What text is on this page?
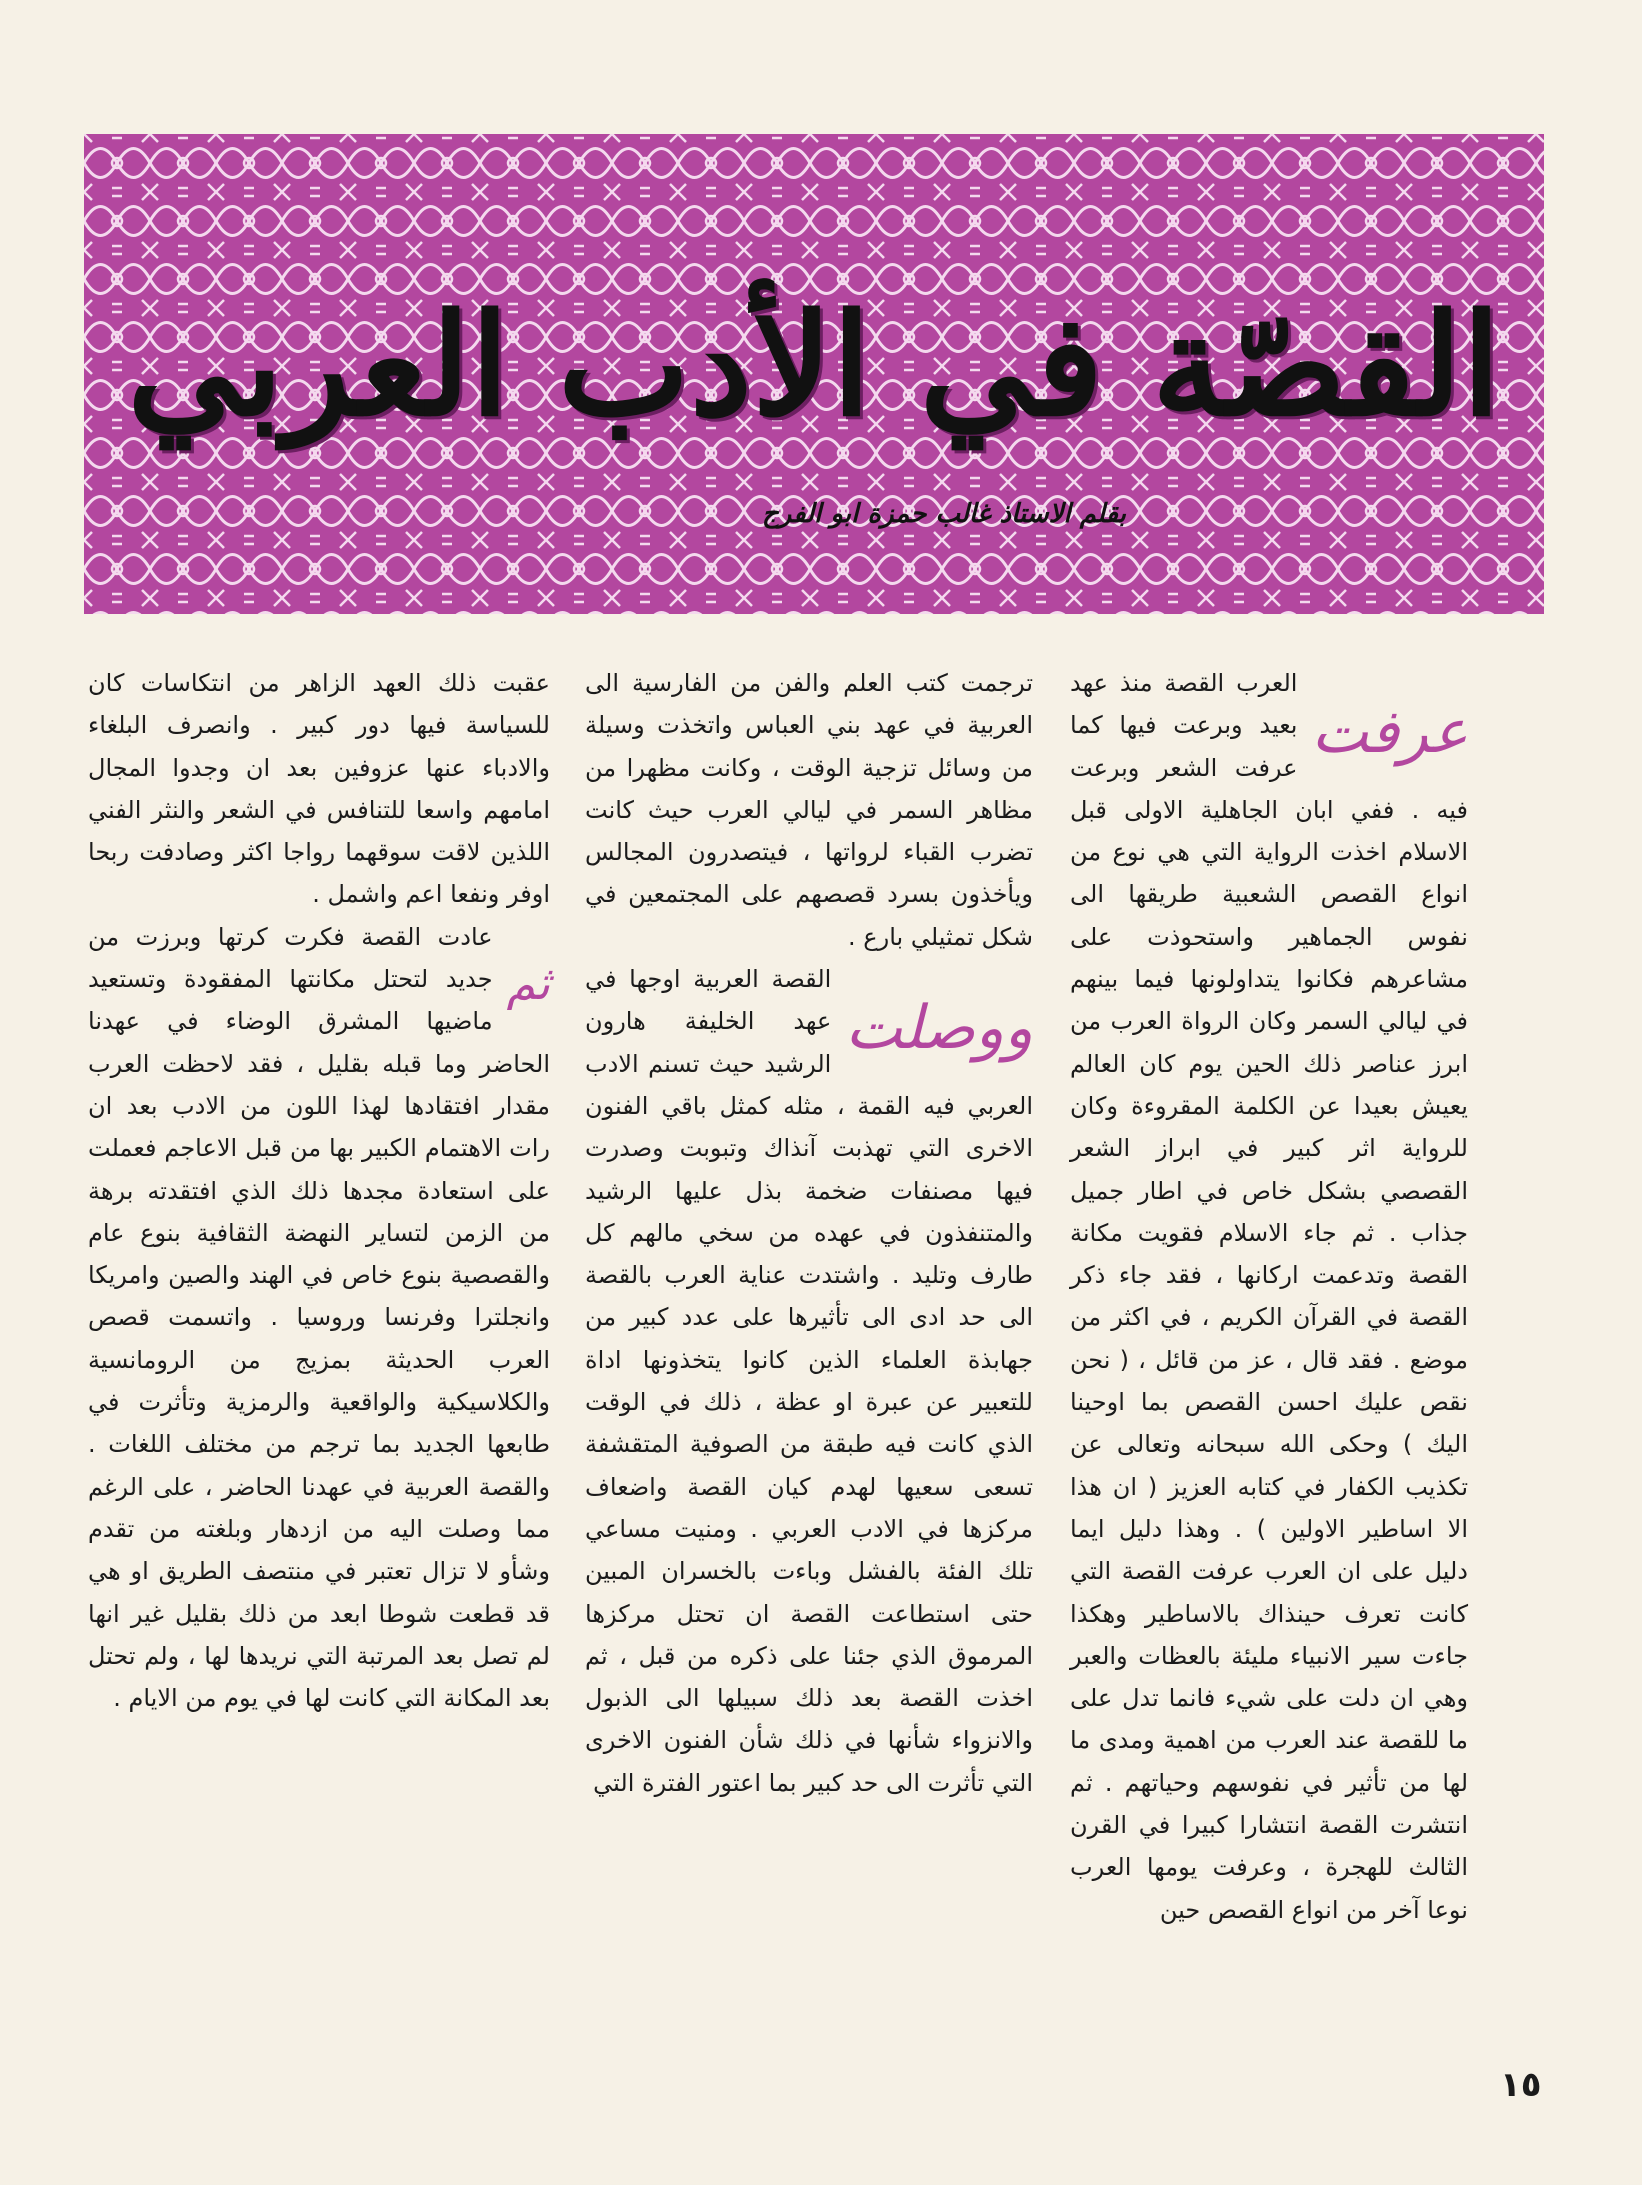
القصّة في الأدب العربي
بقلم الاستاذ غالب حمزة ابو الفرج
عرفت

العرب القصة منذ عهد بعيد وبرعت فيها كما عرفت الشعر وبرعت فيه . ففي ابان الجاهلية الاولى قبل الاسلام اخذت الرواية التي هي نوع من انواع القصص الشعبية طريقها الى نفوس الجماهير واستحوذت على مشاعرهم فكانوا يتداولونها فيما بينهم في ليالي السمر وكان الرواة العرب من ابرز عناصر ذلك الحين يوم كان العالم يعيش بعيدا عن الكلمة المقروءة وكان للرواية اثر كبير في ابراز الشعر القصصي بشكل خاص في اطار جميل جذاب . ثم جاء الاسلام فقويت مكانة القصة وتدعمت اركانها ، فقد جاء ذكر القصة في القرآن الكريم ، في اكثر من موضع . فقد قال ، عز من قائل ، ( نحن نقص عليك احسن القصص بما اوحينا اليك ) وحكى الله سبحانه وتعالى عن تكذيب الكفار في كتابه العزيز ( ان هذا الا اساطير الاولين ) . وهذا دليل ايما دليل على ان العرب عرفت القصة التي كانت تعرف حينذاك بالاساطير وهكذا جاءت سير الانبياء مليئة بالعظات والعبر وهي ان دلت على شيء فانما تدل على ما للقصة عند العرب من اهمية ومدى ما لها من تأثير في نفوسهم وحياتهم . ثم انتشرت القصة انتشارا كبيرا في القرن الثالث للهجرة ، وعرفت يومها العرب نوعا آخر من انواع القصص حين

ترجمت كتب العلم والفن من الفارسية الى العربية في عهد بني العباس واتخذت وسيلة من وسائل تزجية الوقت ، وكانت مظهرا من مظاهر السمر في ليالي العرب حيث كانت تضرب القباء لرواتها ، فيتصدرون المجالس ويأخذون بسرد قصصهم على المجتمعين في شكل تمثيلي بارع .

ووصلت

القصة العربية اوجها في عهد الخليفة هارون الرشيد حيث تسنم الادب العربي فيه القمة ، مثله كمثل باقي الفنون الاخرى التي تهذبت آنذاك وتبوبت وصدرت فيها مصنفات ضخمة بذل عليها الرشيد والمتنفذون في عهده من سخي مالهم كل طارف وتليد . واشتدت عناية العرب بالقصة الى حد ادى الى تأثيرها على عدد كبير من جهابذة العلماء الذين كانوا يتخذونها اداة للتعبير عن عبرة او عظة ، ذلك في الوقت الذي كانت فيه طبقة من الصوفية المتقشفة تسعى سعيها لهدم كيان القصة واضعاف مركزها في الادب العربي . ومنيت مساعي تلك الفئة بالفشل وباءت بالخسران المبين حتى استطاعت القصة ان تحتل مركزها المرموق الذي جئنا على ذكره من قبل ، ثم اخذت القصة بعد ذلك سبيلها الى الذبول والانزواء شأنها في ذلك شأن الفنون الاخرى التي تأثرت الى حد كبير بما اعتور الفترة التي

عقبت ذلك العهد الزاهر من انتكاسات كان للسياسة فيها دور كبير . وانصرف البلغاء والادباء عنها عزوفين بعد ان وجدوا المجال امامهم واسعا للتنافس في الشعر والنثر الفني اللذين لاقت سوقهما رواجا اكثر وصادفت ربحا اوفر ونفعا اعم واشمل .

ثم

عادت القصة فكرت كرتها وبرزت من جديد لتحتل مكانتها المفقودة وتستعيد ماضيها المشرق الوضاء في عهدنا الحاضر وما قبله بقليل ، فقد لاحظت العرب مقدار افتقادها لهذا اللون من الادب بعد ان رات الاهتمام الكبير بها من قبل الاعاجم فعملت على استعادة مجدها ذلك الذي افتقدته برهة من الزمن لتساير النهضة الثقافية بنوع عام والقصصية بنوع خاص في الهند والصين وامريكا وانجلترا وفرنسا وروسيا . واتسمت قصص العرب الحديثة بمزيج من الرومانسية والكلاسيكية والواقعية والرمزية وتأثرت في طابعها الجديد بما ترجم من مختلف اللغات . والقصة العربية في عهدنا الحاضر ، على الرغم مما وصلت اليه من ازدهار وبلغته من تقدم وشأو لا تزال تعتبر في منتصف الطريق او هي قد قطعت شوطا ابعد من ذلك بقليل غير انها لم تصل بعد المرتبة التي نريدها لها ، ولم تحتل بعد المكانة التي كانت لها في يوم من الايام .

١٥
